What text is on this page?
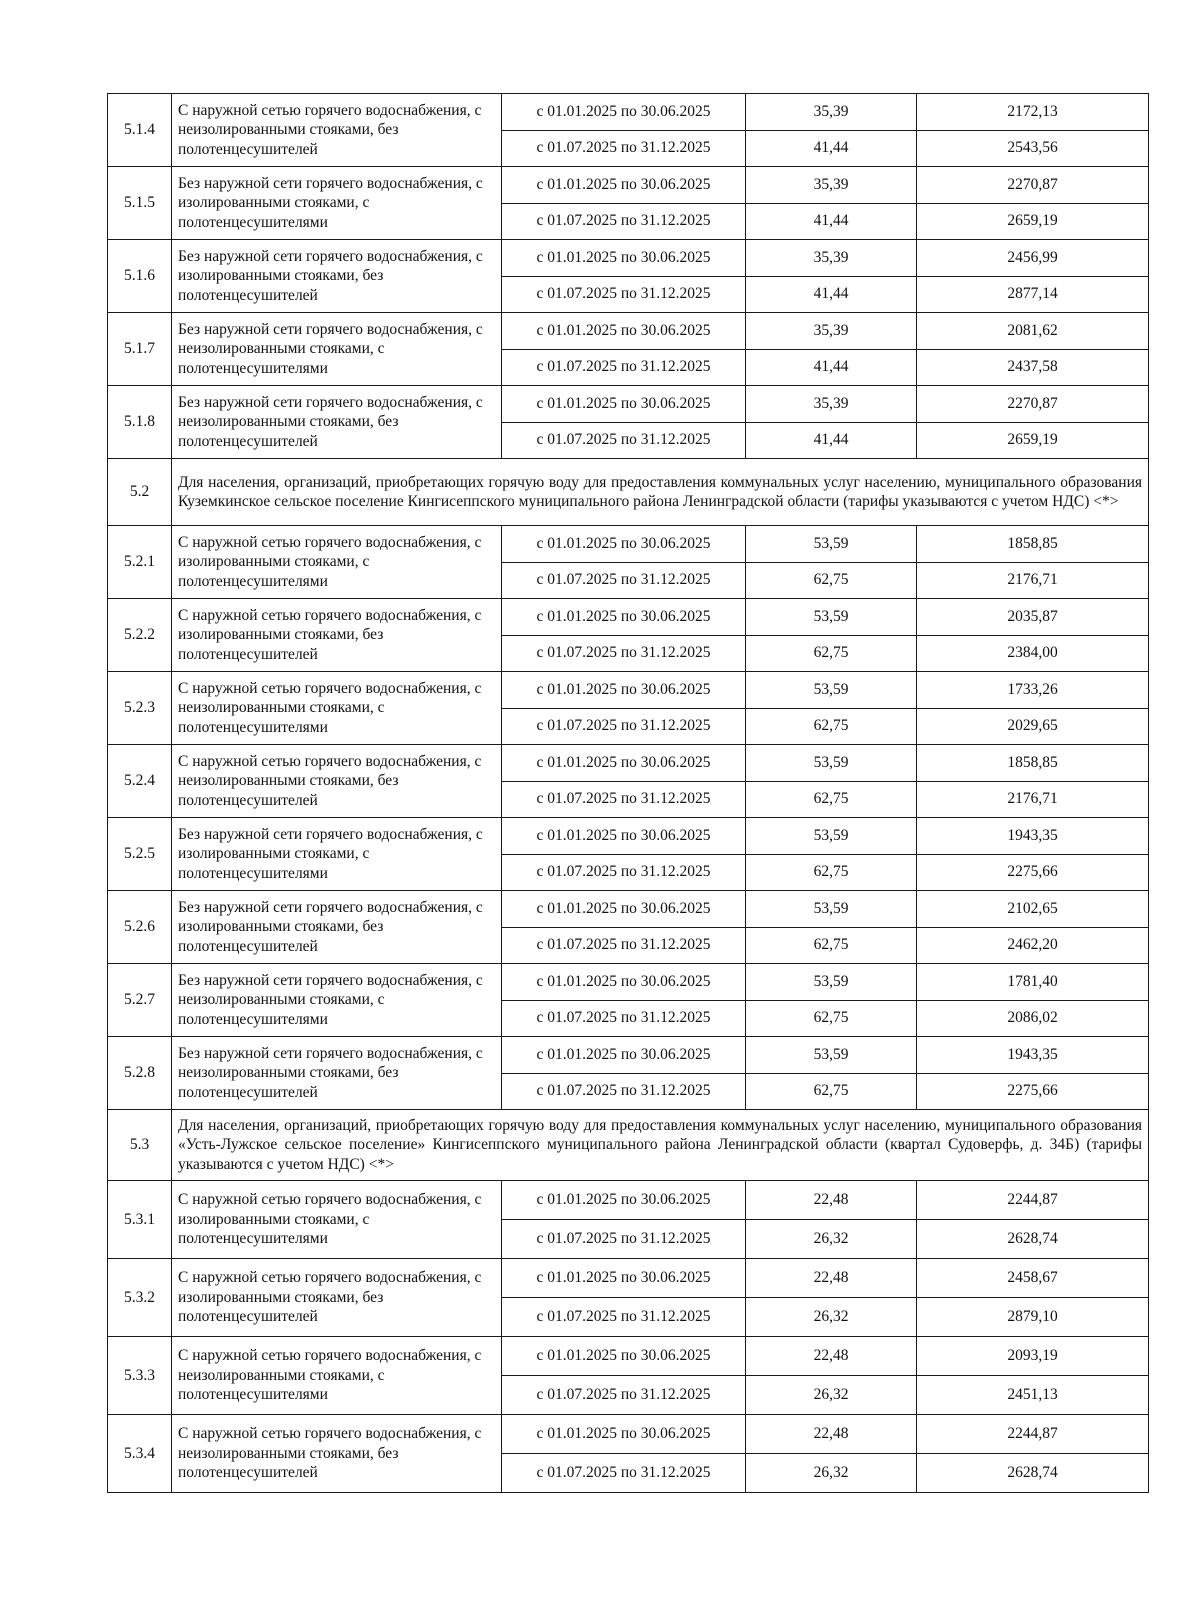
5.1.4	С наружной сетью горячего водоснабжения, с неизолированными стояками, без полотенцесушителей	с 01.01.2025 по 30.06.2025	35,39	2172,13
		с 01.07.2025 по 31.12.2025	41,44	2543,56
5.1.5	Без наружной сети горячего водоснабжения, с изолированными стояками, с полотенцесушителями	с 01.01.2025 по 30.06.2025	35,39	2270,87
		с 01.07.2025 по 31.12.2025	41,44	2659,19
5.1.6	Без наружной сети горячего водоснабжения, с изолированными стояками, без полотенцесушителей	с 01.01.2025 по 30.06.2025	35,39	2456,99
		с 01.07.2025 по 31.12.2025	41,44	2877,14
5.1.7	Без наружной сети горячего водоснабжения, с неизолированными стояками, с полотенцесушителями	с 01.01.2025 по 30.06.2025	35,39	2081,62
		с 01.07.2025 по 31.12.2025	41,44	2437,58
5.1.8	Без наружной сети горячего водоснабжения, с неизолированными стояками, без полотенцесушителей	с 01.01.2025 по 30.06.2025	35,39	2270,87
		с 01.07.2025 по 31.12.2025	41,44	2659,19
5.2	Для населения, организаций, приобретающих горячую воду для предоставления коммунальных услуг населению, муниципального образования Куземкинское сельское поселение Кингисеппского муниципального района Ленинградской области (тарифы указываются с учетом НДС) <*>			
5.2.1	С наружной сетью горячего водоснабжения, с изолированными стояками, с полотенцесушителями	с 01.01.2025 по 30.06.2025	53,59	1858,85
		с 01.07.2025 по 31.12.2025	62,75	2176,71
5.2.2	С наружной сетью горячего водоснабжения, с изолированными стояками, без полотенцесушителей	с 01.01.2025 по 30.06.2025	53,59	2035,87
		с 01.07.2025 по 31.12.2025	62,75	2384,00
5.2.3	С наружной сетью горячего водоснабжения, с неизолированными стояками, с полотенцесушителями	с 01.01.2025 по 30.06.2025	53,59	1733,26
		с 01.07.2025 по 31.12.2025	62,75	2029,65
5.2.4	С наружной сетью горячего водоснабжения, с неизолированными стояками, без полотенцесушителей	с 01.01.2025 по 30.06.2025	53,59	1858,85
		с 01.07.2025 по 31.12.2025	62,75	2176,71
5.2.5	Без наружной сети горячего водоснабжения, с изолированными стояками, с полотенцесушителями	с 01.01.2025 по 30.06.2025	53,59	1943,35
		с 01.07.2025 по 31.12.2025	62,75	2275,66
5.2.6	Без наружной сети горячего водоснабжения, с изолированными стояками, без полотенцесушителей	с 01.01.2025 по 30.06.2025	53,59	2102,65
		с 01.07.2025 по 31.12.2025	62,75	2462,20
5.2.7	Без наружной сети горячего водоснабжения, с неизолированными стояками, с полотенцесушителями	с 01.01.2025 по 30.06.2025	53,59	1781,40
		с 01.07.2025 по 31.12.2025	62,75	2086,02
5.2.8	Без наружной сети горячего водоснабжения, с неизолированными стояками, без полотенцесушителей	с 01.01.2025 по 30.06.2025	53,59	1943,35
		с 01.07.2025 по 31.12.2025	62,75	2275,66
5.3	Для населения, организаций, приобретающих горячую воду для предоставления коммунальных услуг населению, муниципального образования «Усть-Лужское сельское поселение» Кингисеппского муниципального района Ленинградской области (квартал Судоверфь, д. 34Б) (тарифы указываются с учетом НДС) <*>			
5.3.1	С наружной сетью горячего водоснабжения, с изолированными стояками, с полотенцесушителями	с 01.01.2025 по 30.06.2025	22,48	2244,87
		с 01.07.2025 по 31.12.2025	26,32	2628,74
5.3.2	С наружной сетью горячего водоснабжения, с изолированными стояками, без полотенцесушителей	с 01.01.2025 по 30.06.2025	22,48	2458,67
		с 01.07.2025 по 31.12.2025	26,32	2879,10
5.3.3	С наружной сетью горячего водоснабжения, с неизолированными стояками, с полотенцесушителями	с 01.01.2025 по 30.06.2025	22,48	2093,19
		с 01.07.2025 по 31.12.2025	26,32	2451,13
5.3.4	С наружной сетью горячего водоснабжения, с неизолированными стояками, без полотенцесушителей	с 01.01.2025 по 30.06.2025	22,48	2244,87
		с 01.07.2025 по 31.12.2025	26,32	2628,74
